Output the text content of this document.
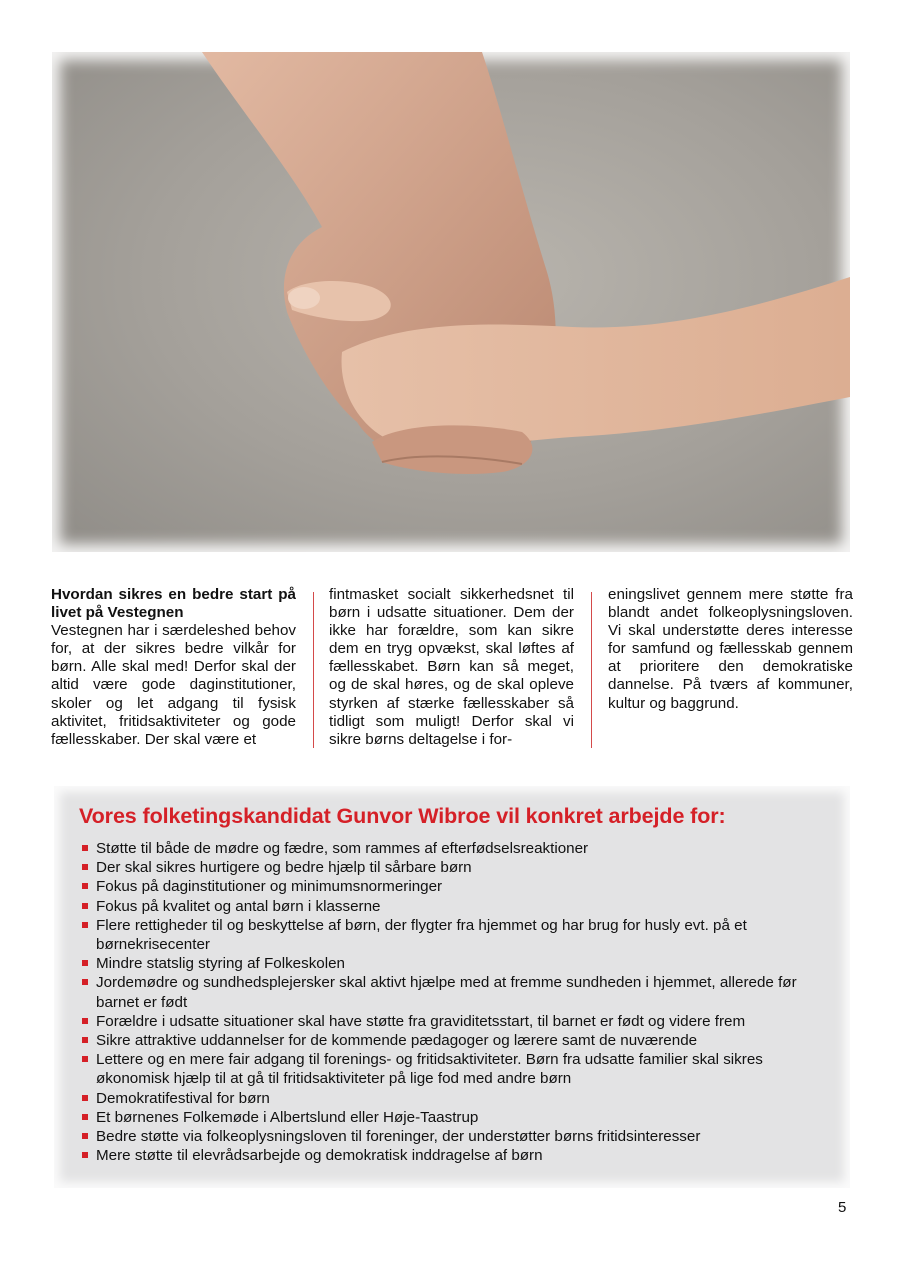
Hvordan sikres en bedre start på livet på Vestegnen
Vestegnen har i særdeleshed behov for, at der sikres bedre vilkår for børn. Alle skal med! Derfor skal der altid være gode daginstitutioner, skoler og let adgang til fysisk aktivitet, fritidsaktiviteter og gode fællesskaber. Der skal være et
fintmasket socialt sikkerhedsnet til børn i udsatte situationer. Dem der ikke har forældre, som kan sikre dem en tryg opvækst, skal løftes af fællesskabet. Børn kan så meget, og de skal høres, og de skal opleve styrken af stærke fællesskaber så tidligt som muligt! Derfor skal vi sikre børns deltagelse i for-
eningslivet gennem mere støtte fra blandt andet folkeoplysningsloven. Vi skal understøtte deres interesse for samfund og fællesskab gennem at prioritere den demokratiske dannelse. På tværs af kommuner, kultur og baggrund.
Vores folketingskandidat Gunvor Wibroe vil konkret arbejde for:
Støtte til både de mødre og fædre, som rammes af efterfødselsreaktioner
Der skal sikres hurtigere og bedre hjælp til sårbare børn
Fokus på daginstitutioner og minimumsnormeringer
Fokus på kvalitet og antal børn i klasserne
Flere rettigheder til og beskyttelse af børn, der flygter fra hjemmet og har brug for husly evt. på et børnekrisecenter
Mindre statslig styring af Folkeskolen
Jordemødre og sundhedsplejersker skal aktivt hjælpe med at fremme sundheden i hjemmet, allerede før barnet er født
Forældre i udsatte situationer skal have støtte fra graviditetsstart, til barnet er født og videre frem
Sikre attraktive uddannelser for de kommende pædagoger og lærere samt de nuværende
Lettere og en mere fair adgang til forenings- og fritidsaktiviteter. Børn fra udsatte familier skal sikres økonomisk hjælp til at gå til fritidsaktiviteter på lige fod med andre børn
Demokratifestival for børn
Et børnenes Folkemøde i Albertslund eller Høje-Taastrup
Bedre støtte via folkeoplysningsloven til foreninger, der understøtter børns fritidsinteresser
Mere støtte til elevrådsarbejde og demokratisk inddragelse af børn
5
